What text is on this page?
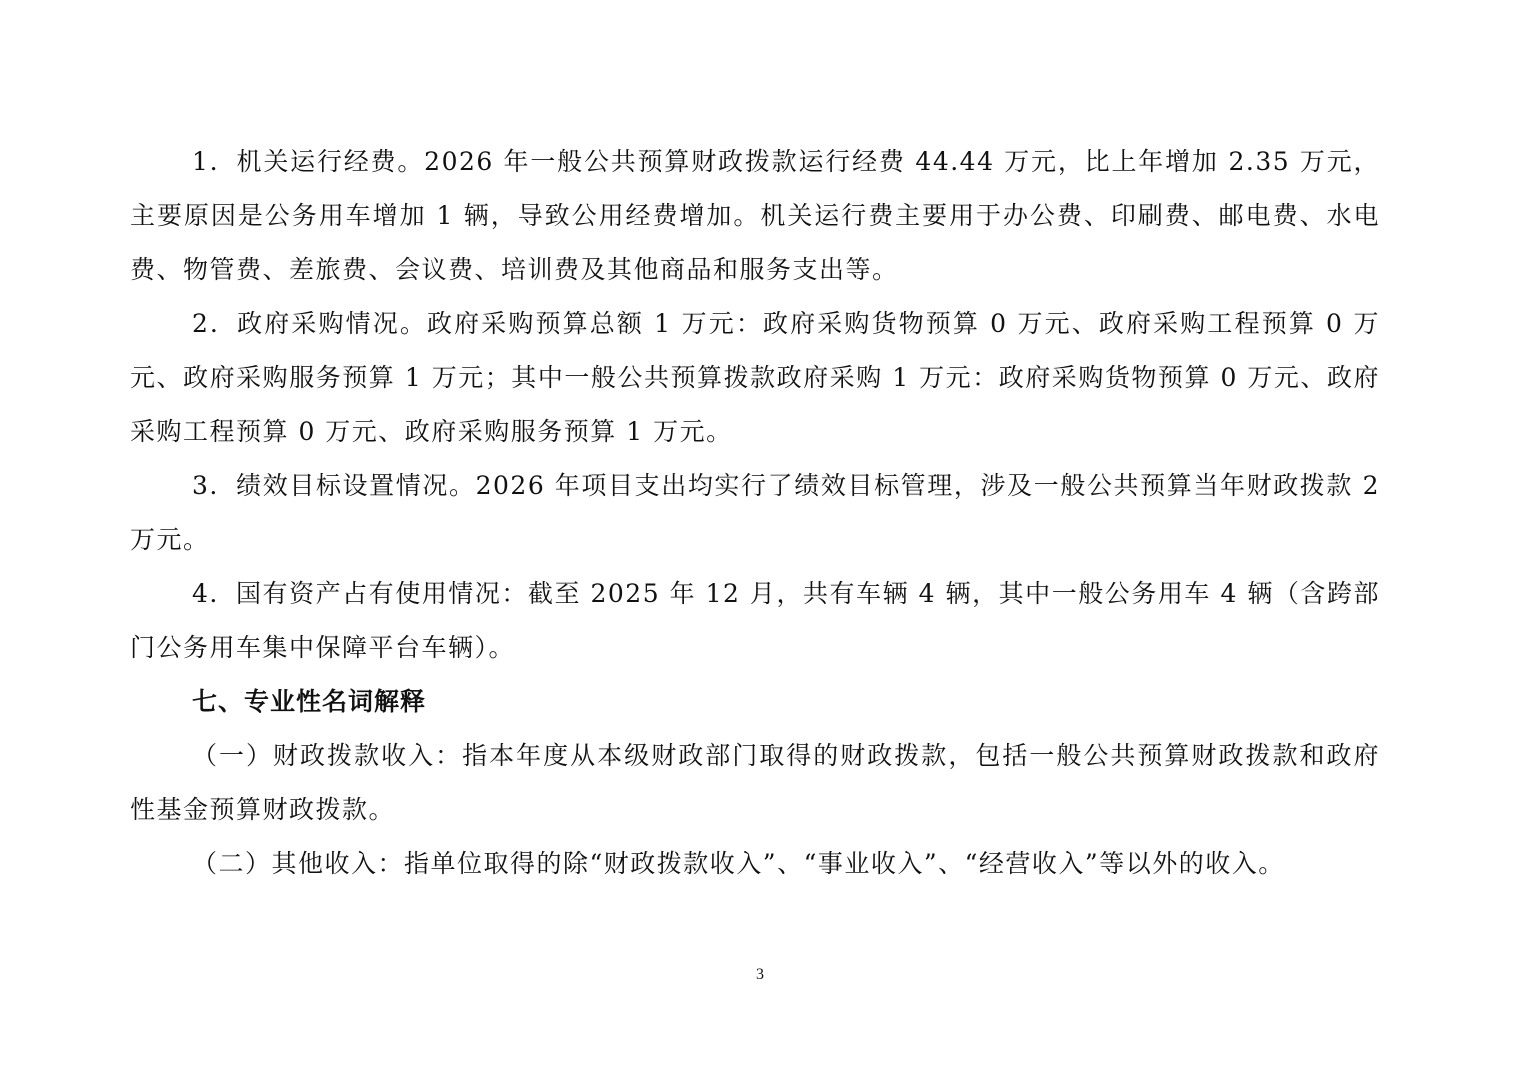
1．机关运行经费。2026 年一般公共预算财政拨款运行经费 44.44 万元，比上年增加 2.35 万元，主要原因是公务用车增加 1 辆，导致公用经费增加。机关运行费主要用于办公费、印刷费、邮电费、水电费、物管费、差旅费、会议费、培训费及其他商品和服务支出等。

2．政府采购情况。政府采购预算总额 1 万元：政府采购货物预算 0 万元、政府采购工程预算 0 万元、政府采购服务预算 1 万元；其中一般公共预算拨款政府采购 1 万元：政府采购货物预算 0 万元、政府采购工程预算 0 万元、政府采购服务预算 1 万元。

3．绩效目标设置情况。2026 年项目支出均实行了绩效目标管理，涉及一般公共预算当年财政拨款 2 万元。

4．国有资产占有使用情况：截至 2025 年 12 月，共有车辆 4 辆，其中一般公务用车 4 辆（含跨部门公务用车集中保障平台车辆）。

七、专业性名词解释

（一）财政拨款收入：指本年度从本级财政部门取得的财政拨款，包括一般公共预算财政拨款和政府性基金预算财政拨款。

（二）其他收入：指单位取得的除“财政拨款收入”、“事业收入”、“经营收入”等以外的收入。

3
